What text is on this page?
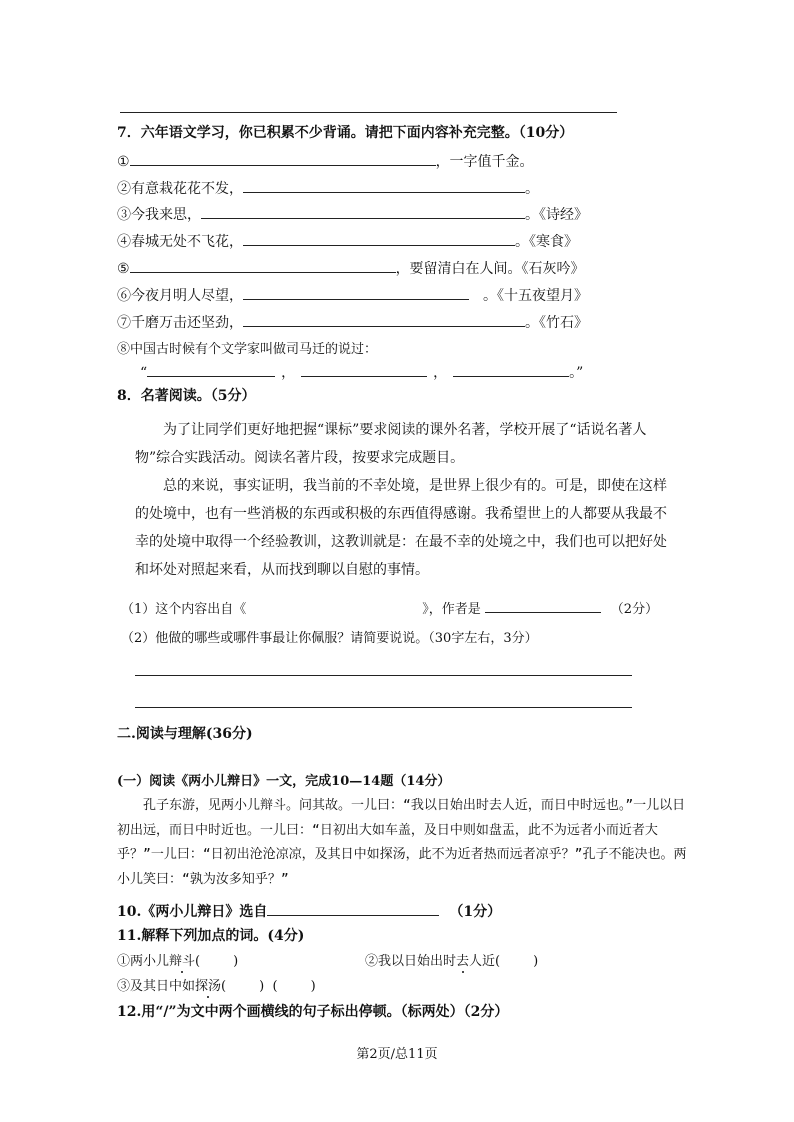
7．六年语文学习，你已积累不少背诵。请把下面内容补充完整。（10分）
①	，一字值千金。
②有意栽花花不发，	。
③今我来思，	。《诗经》
④春城无处不飞花，	。《寒食》
⑤	，要留清白在人间。《石灰吟》
⑥今夜月明人尽望，	。《十五夜望月》
⑦千磨万击还坚劲，	。《竹石》
⑧中国古时候有个文学家叫做司马迁的说过：
“	，	，	。”
8．名著阅读。（5分）
为了让同学们更好地把握“课标”要求阅读的课外名著，学校开展了“话说名著人物”综合实践活动。阅读名著片段，按要求完成题目。
总的来说，事实证明，我当前的不幸处境，是世界上很少有的。可是，即使在这样的处境中，也有一些消极的东西或积极的东西值得感谢。我希望世上的人都要从我最不幸的处境中取得一个经验教训，这教训就是：在最不幸的处境之中，我们也可以把好处和坏处对照起来看，从而找到聊以自慰的事情。
（1）这个内容出自《	》，作者是	（2分）
（2）他做的哪些或哪件事最让你佩服？请简要说说。（30字左右，3分）
二.阅读与理解(36分)
(一）阅读《两小儿辩日》一文，完成10—14题（14分）
孔子东游，见两小儿辩斗。问其故。一儿曰：“我以日始出时去人近，而日中时远也。”一儿以日初出远，而日中时近也。一儿曰：“日初出大如车盖，及日中则如盘盂，此不为远者小而近者大乎？”一儿曰：“日初出沧沧凉凉，及其日中如探汤，此不为近者热而远者凉乎？”孔子不能决也。两小儿笑曰：“孰为汝多知乎？”
10.《两小儿辩日》选自	（1分）
11.解释下列加点的词。(4分)
①两小儿辩斗(        )	②我以日始出时去人近(        )
③及其日中如探汤(        )  (        )
12.用“/”为文中两个画横线的句子标出停顿。（标两处）（2分）
第2页/总11页
